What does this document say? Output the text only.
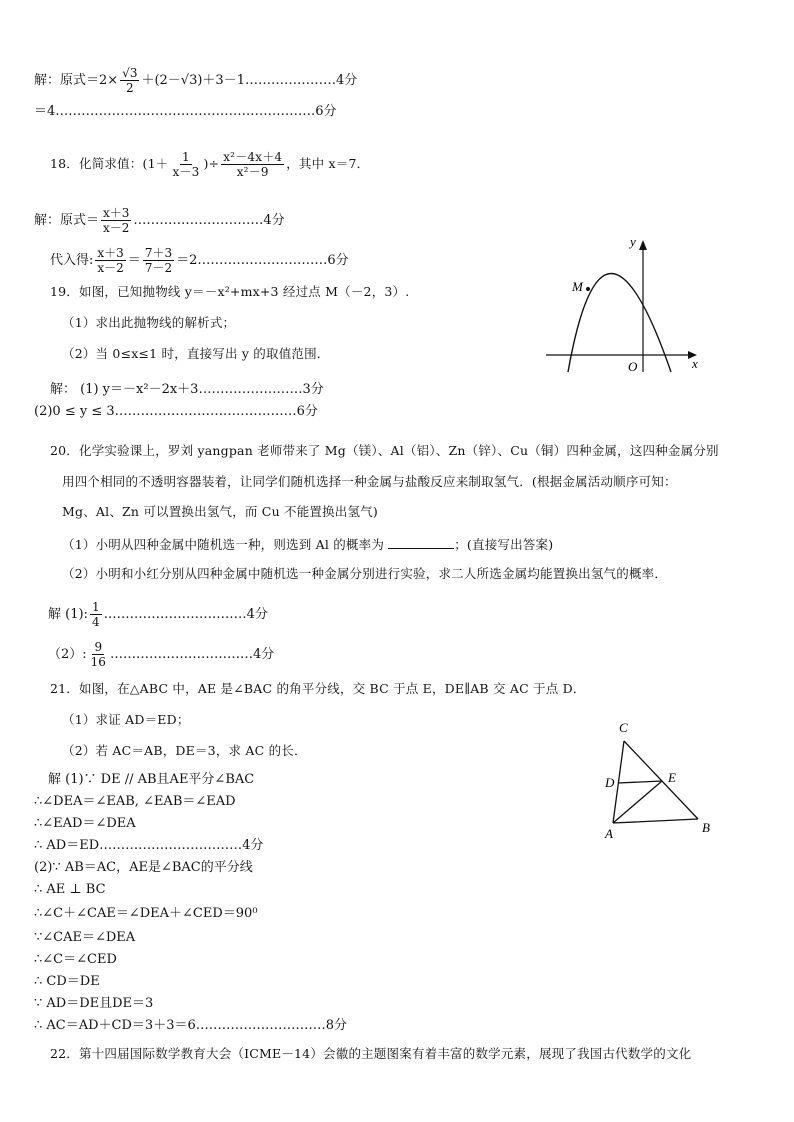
解：原式$=2\times \frac{√3}{2}$ ＋(2－√3)＋3－1…………………4分
＝4……………………………………………………6分
18．化简求值：($1+ \frac{1}{x-3}$ )÷ $\frac{\text{x²－4x＋4}}{\text{x²－9}}$ ，其中 x＝7．
解：原式＝ $\frac{x+3}{x-2}$ …………………………4分
代入得: $\frac{x+3}{x-2} = \frac{7+3}{7-2}$ ＝2…………………………6分
19．如图，已知抛物线 y＝－x²+mx+3 经过点 M（－2，3）.
（1）求出此抛物线的解析式；
（2）当 0≤x≤1 时，直接写出 y 的取值范围．
解： (1) y＝－x²－2x＋3……………………3分
(2)0 ≤ y ≤ 3……………………………………6分
M
y
x
O
20．化学实验课上，罗刘 yangpan 老师带来了 Mg（镁）、Al（铝）、Zn（锌）、Cu（铜）四种金属，这四种金属分别
用四个相同的不透明容器装着，让同学们随机选择一种金属与盐酸反应来制取氢气．(根据金属活动顺序可知：
Mg、Al、Zn 可以置换出氢气，而 Cu 不能置换出氢气)
（1）小明从四种金属中随机选一种，则选到 Al 的概率为	；(直接写出答案)
（2）小明和小红分别从四种金属中随机选一种金属分别进行实验，求二人所选金属均能置换出氢气的概率．
解 (1): $\frac{1}{4}$ ……………………………4分
（2）: $\frac{9}{16}$ ……………………………4分
21．如图，在△ABC 中，AE 是∠BAC 的角平分线，交 BC 于点 E，DE∥AB 交 AC 于点 D．
（1）求证 AD＝ED；
（2）若 AC＝AB，DE＝3，求 AC 的长．
解 (1)∵ DE // AB且AE平分∠BAC
∴∠DEA＝∠EAB, ∠EAB＝∠EAD
∴∠EAD＝∠DEA
∴ AD＝ED……………………………4分
(2)∵ AB＝AC，AE是∠BAC的平分线
∴ AE ⊥ BC
∴∠C＋∠CAE＝∠DEA＋∠CED＝90⁰
∵∠CAE＝∠DEA
∴∠C＝∠CED
∴ CD＝DE
∵ AD＝DE且DE＝3
∴ AC＝AD＋CD＝3＋3＝6…………………………8分
C
D	E
A	B
22．第十四届国际数学教育大会（ICME－14）会徽的主题图案有着丰富的数学元素，展现了我国古代数学的文化
